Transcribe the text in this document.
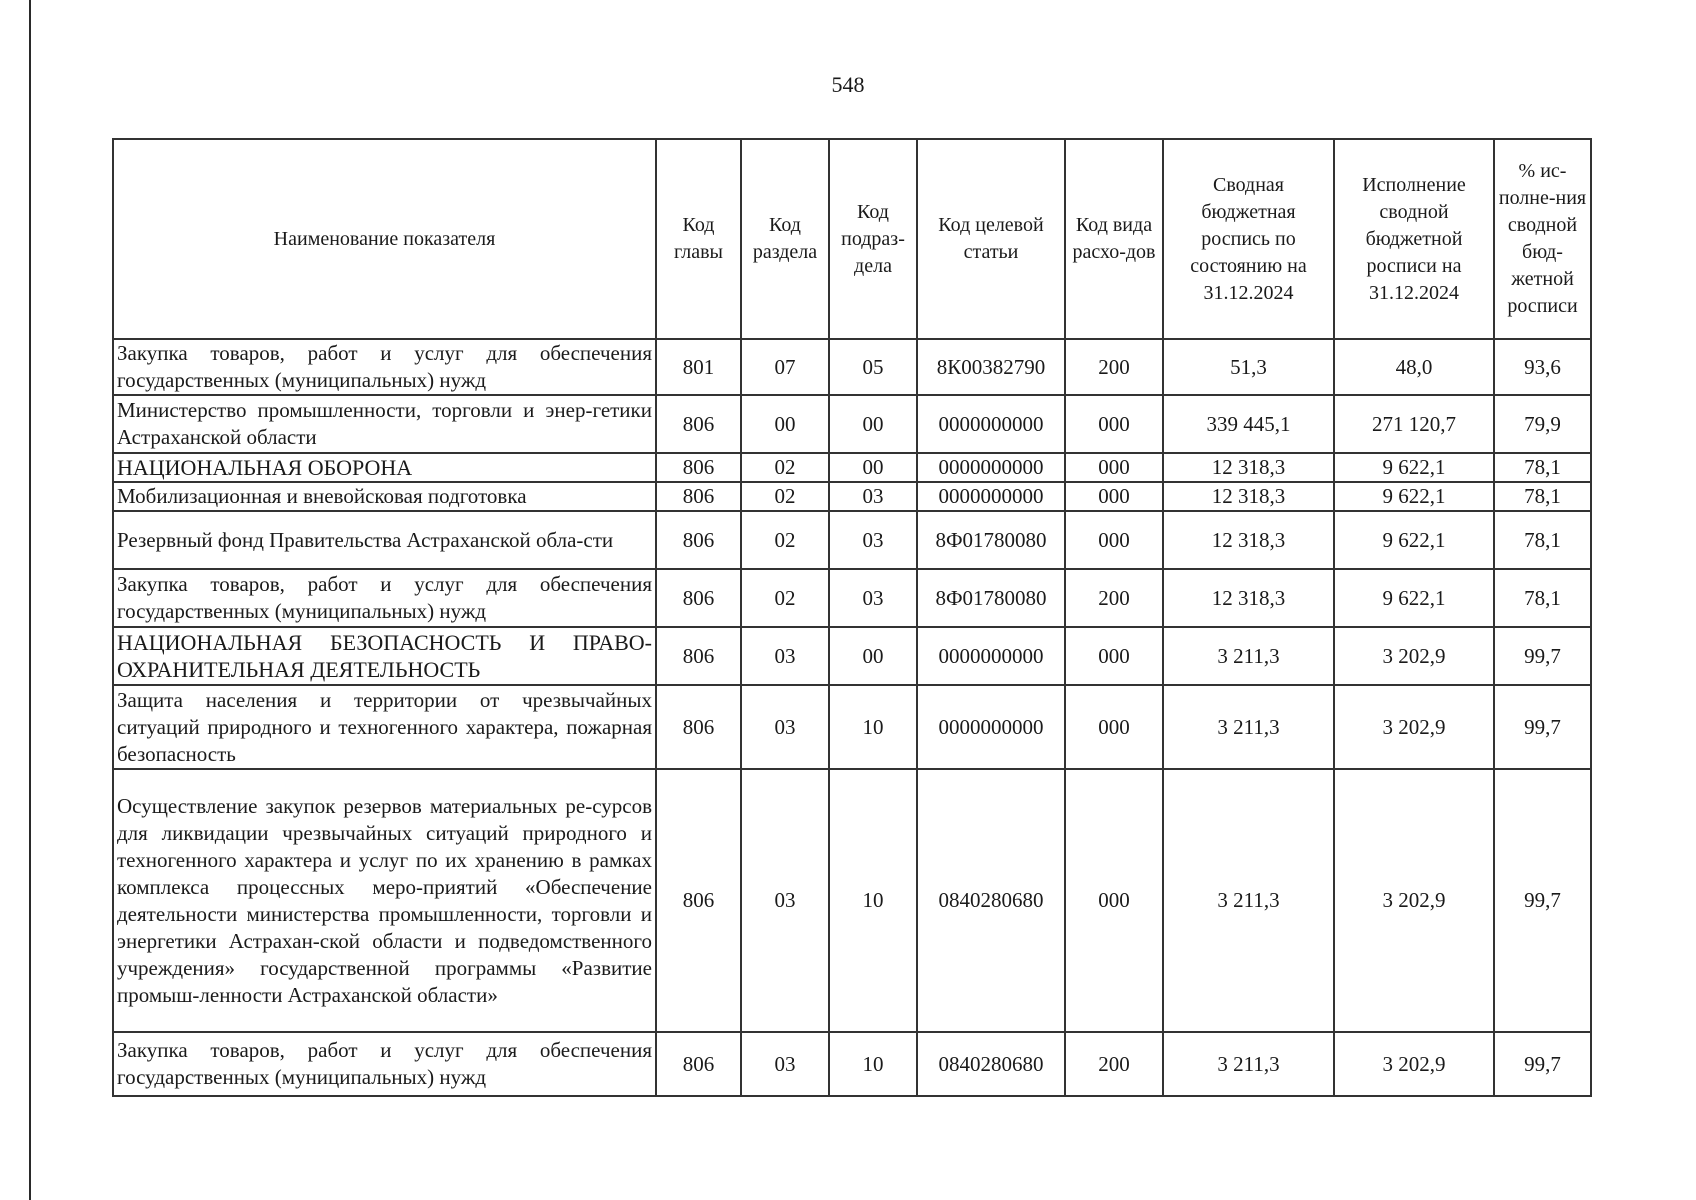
548
Наименование показателя	Код главы	Код раздела	Код подраз-дела	Код целевой статьи	Код вида расхо-дов	Сводная бюджетная роспись по состоянию на 31.12.2024	Исполнение сводной бюджетной росписи на 31.12.2024	% ис-полне-ния сводной бюд-жетной росписи
Закупка товаров, работ и услуг для обеспечения государственных (муниципальных) нужд	801	07	05	8К00382790	200	51,3	48,0	93,6
Министерство промышленности, торговли и энер-гетики Астраханской области	806	00	00	0000000000	000	339 445,1	271 120,7	79,9
НАЦИОНАЛЬНАЯ ОБОРОНА	806	02	00	0000000000	000	12 318,3	9 622,1	78,1
Мобилизационная и вневойсковая подготовка	806	02	03	0000000000	000	12 318,3	9 622,1	78,1
Резервный фонд Правительства Астраханской обла-сти	806	02	03	8Ф01780080	000	12 318,3	9 622,1	78,1
Закупка товаров, работ и услуг для обеспечения государственных (муниципальных) нужд	806	02	03	8Ф01780080	200	12 318,3	9 622,1	78,1
НАЦИОНАЛЬНАЯ БЕЗОПАСНОСТЬ И ПРАВО-ОХРАНИТЕЛЬНАЯ ДЕЯТЕЛЬНОСТЬ	806	03	00	0000000000	000	3 211,3	3 202,9	99,7
Защита населения и территории от чрезвычайных ситуаций природного и техногенного характера, пожарная безопасность	806	03	10	0000000000	000	3 211,3	3 202,9	99,7
Осуществление закупок резервов материальных ре-сурсов для ликвидации чрезвычайных ситуаций природного и техногенного характера и услуг по их хранению в рамках комплекса процессных меро-приятий «Обеспечение деятельности министерства промышленности, торговли и энергетики Астрахан-ской области и подведомственного учреждения» государственной программы «Развитие промыш-ленности Астраханской области»	806	03	10	0840280680	000	3 211,3	3 202,9	99,7
Закупка товаров, работ и услуг для обеспечения государственных (муниципальных) нужд	806	03	10	0840280680	200	3 211,3	3 202,9	99,7
